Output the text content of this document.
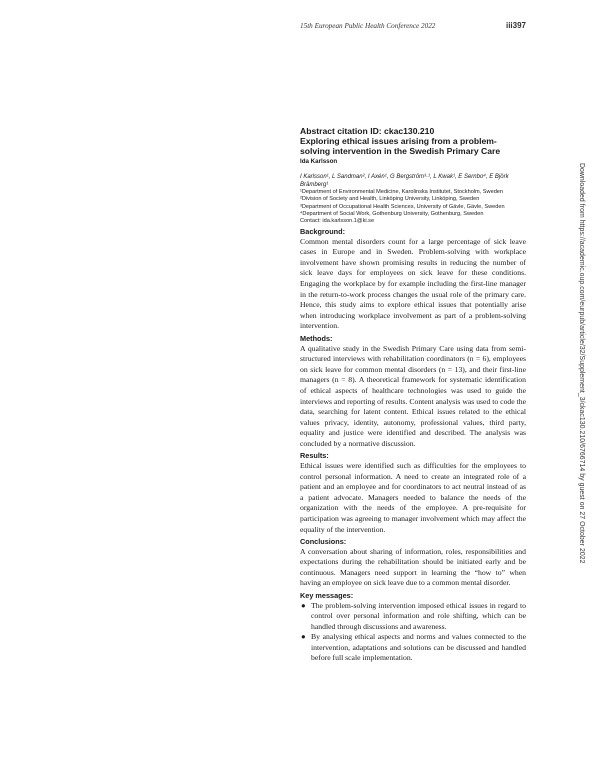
15th European Public Health Conference 2022	iii397
Abstract citation ID: ckac130.210
Exploring ethical issues arising from a problem-solving intervention in the Swedish Primary Care
Ida Karlsson
I Karlsson¹, L Sandman², I Axén¹, G Bergström³·¹, L Kwak¹, E Sernbo⁴, E Björk Brämberg¹

¹Department of Environmental Medicine, Karolinska Institutet, Stockholm, Sweden

²Division of Society and Health, Linköping University, Linköping, Sweden

³Department of Occupational Health Sciences, University of Gävle, Gävle, Sweden

⁴Department of Social Work, Gothenburg University, Gothenburg, Sweden

Contact: ida.karlsson.1@ki.se

Background:

Common mental disorders count for a large percentage of sick leave cases in Europe and in Sweden. Problem-solving with workplace involvement have shown promising results in reducing the number of sick leave days for employees on sick leave for these conditions. Engaging the workplace by for example including the first-line manager in the return-to-work process changes the usual role of the primary care. Hence, this study aims to explore ethical issues that potentially arise when introducing workplace involvement as part of a problem-solving intervention.

Methods:

A qualitative study in the Swedish Primary Care using data from semi-structured interviews with rehabilitation coordinators (n = 6), employees on sick leave for common mental disorders (n = 13), and their first-line managers (n = 8). A theoretical framework for systematic identification of ethical aspects of healthcare technologies was used to guide the interviews and reporting of results. Content analysis was used to code the data, searching for latent content. Ethical issues related to the ethical values privacy, identity, autonomy, professional values, third party, equality and justice were identified and described. The analysis was concluded by a normative discussion.

Results:

Ethical issues were identified such as difficulties for the employees to control personal information. A need to create an integrated role of a patient and an employee and for coordinators to act neutral instead of as a patient advocate. Managers needed to balance the needs of the organization with the needs of the employee. A pre-requisite for participation was agreeing to manager involvement which may affect the equality of the intervention.

Conclusions:

A conversation about sharing of information, roles, responsibilities and expectations during the rehabilitation should be initiated early and be continuous. Managers need support in learning the “how to” when having an employee on sick leave due to a common mental disorder.

Key messages:
● The problem-solving intervention imposed ethical issues in regard to control over personal information and role shifting, which can be handled through discussions and awareness.
● By analysing ethical aspects and norms and values connected to the intervention, adaptations and solutions can be discussed and handled before full scale implementation.
Downloaded from https://academic.oup.com/eurpub/article/32/Supplement_3/ckac130.210/6766714 by guest on 27 October 2022
